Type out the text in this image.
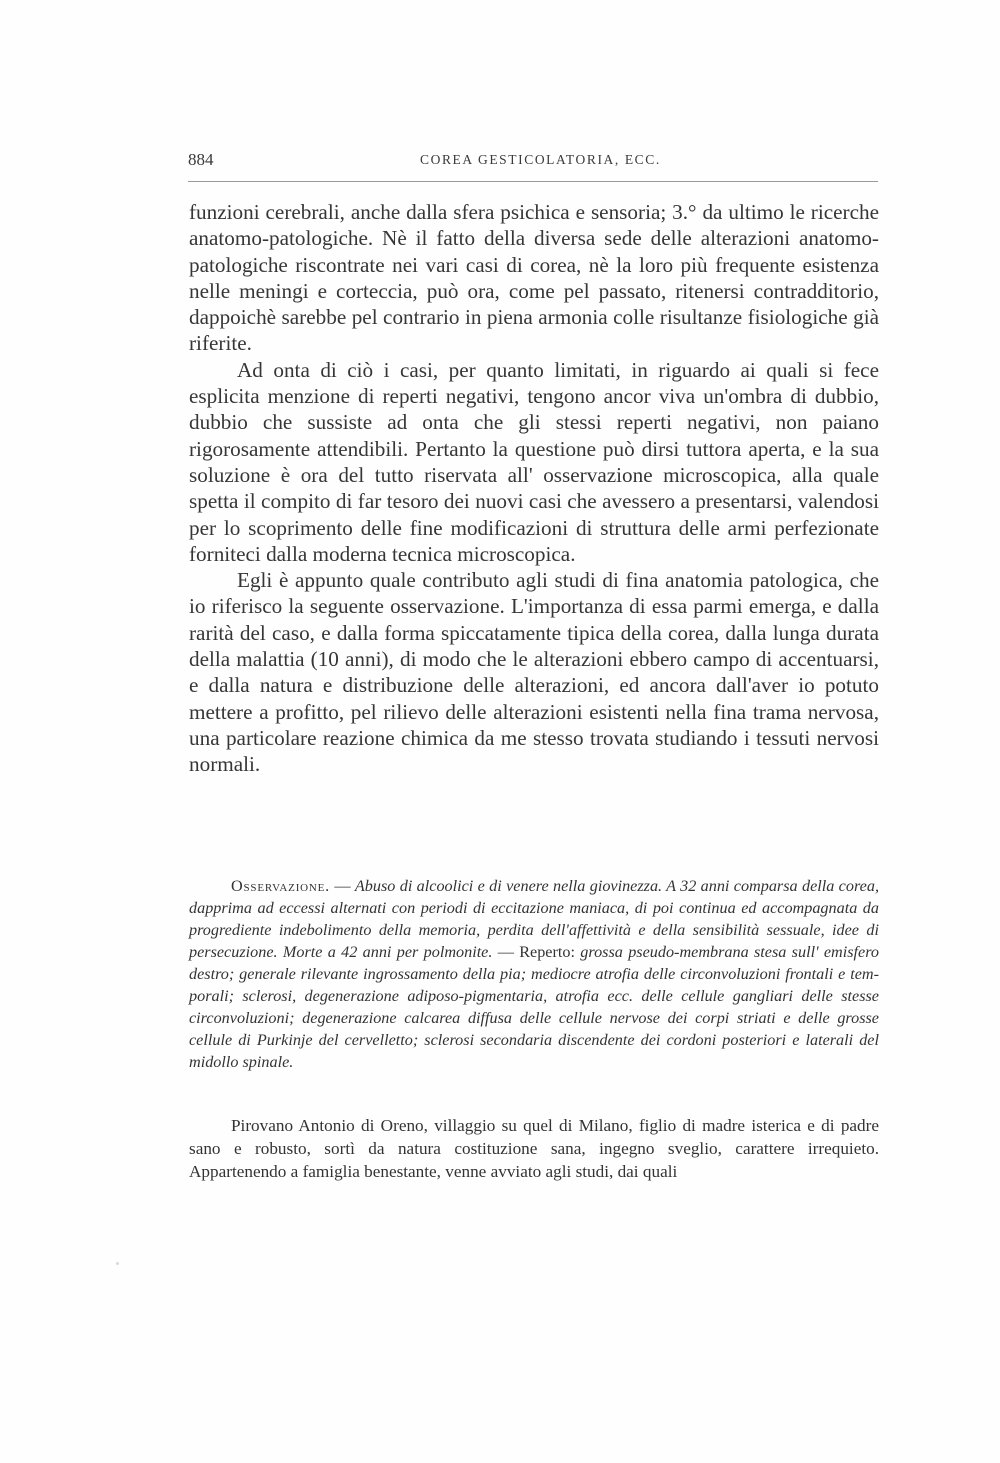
884	COREA GESTICOLATORIA, ECC.

funzioni cerebrali, anche dalla sfera psichica e sensoria; 3.° da ultimo le ricerche anatomo-patologiche. Nè il fatto della diversa sede delle alterazioni anatomo-patologiche riscontrate nei vari casi di corea, nè la loro più frequente esistenza nelle meningi e corteccia, può ora, come pel passato, ritenersi contradditorio, dappoichè sarebbe pel contrario in piena armonia colle risultanze fisiologiche già riferite.

Ad onta di ciò i casi, per quanto limitati, in riguardo ai quali si fece esplicita menzione di reperti negativi, tengono ancor viva un'ombra di dubbio, dubbio che sussiste ad onta che gli stessi reperti negativi, non paiano rigorosamente attendibili. Pertanto la questione può dirsi tuttora aperta, e la sua soluzione è ora del tutto riservata all' osservazione microscopica, alla quale spetta il compito di far tesoro dei nuovi casi che avessero a presentarsi, valendosi per lo scoprimento delle fine modificazioni di struttura delle armi perfezionate forniteci dalla moderna tecnica microscopica.

Egli è appunto quale contributo agli studi di fina anatomia patologica, che io riferisco la seguente osservazione. L'importanza di essa parmi emerga, e dalla rarità del caso, e dalla forma spiccatamente tipica della corea, dalla lunga durata della malattia (10 anni), di modo che le alterazioni ebbero campo di accentuarsi, e dalla natura e distribuzione delle alterazioni, ed ancora dall'aver io potuto mettere a profitto, pel rilievo delle alterazioni esistenti nella fina trama nervosa, una particolare reazione chimica da me stesso trovata studiando i tessuti nervosi normali.

Osservazione. — Abuso di alcoolici e di venere nella giovinezza. A 32 anni comparsa della corea, dapprima ad eccessi alternati con periodi di eccitazione maniaca, di poi continua ed accompagnata da progrediente indebolimento della memoria, perdita dell'affettività e della sensibilità sessuale, idee di persecuzione. Morte a 42 anni per polmonite. — Reperto: grossa pseudo-membrana stesa sull' emisfero destro; generale rilevante ingrossamento della pia; mediocre atrofia delle circonvoluzioni frontali e temporali; sclerosi, degenerazione adiposo-pigmentaria, atrofia ecc. delle cellule gangliari delle stesse circonvoluzioni; degenerazione calcarea diffusa delle cellule nervose dei corpi striati e delle grosse cellule di Purkinje del cervelletto; sclerosi secondaria discendente dei cordoni posteriori e laterali del midollo spinale.

Pirovano Antonio di Oreno, villaggio su quel di Milano, figlio di madre isterica e di padre sano e robusto, sortì da natura costituzione sana, ingegno sveglio, carattere irrequieto. Appartenendo a famiglia benestante, venne avviato agli studi, dai quali
